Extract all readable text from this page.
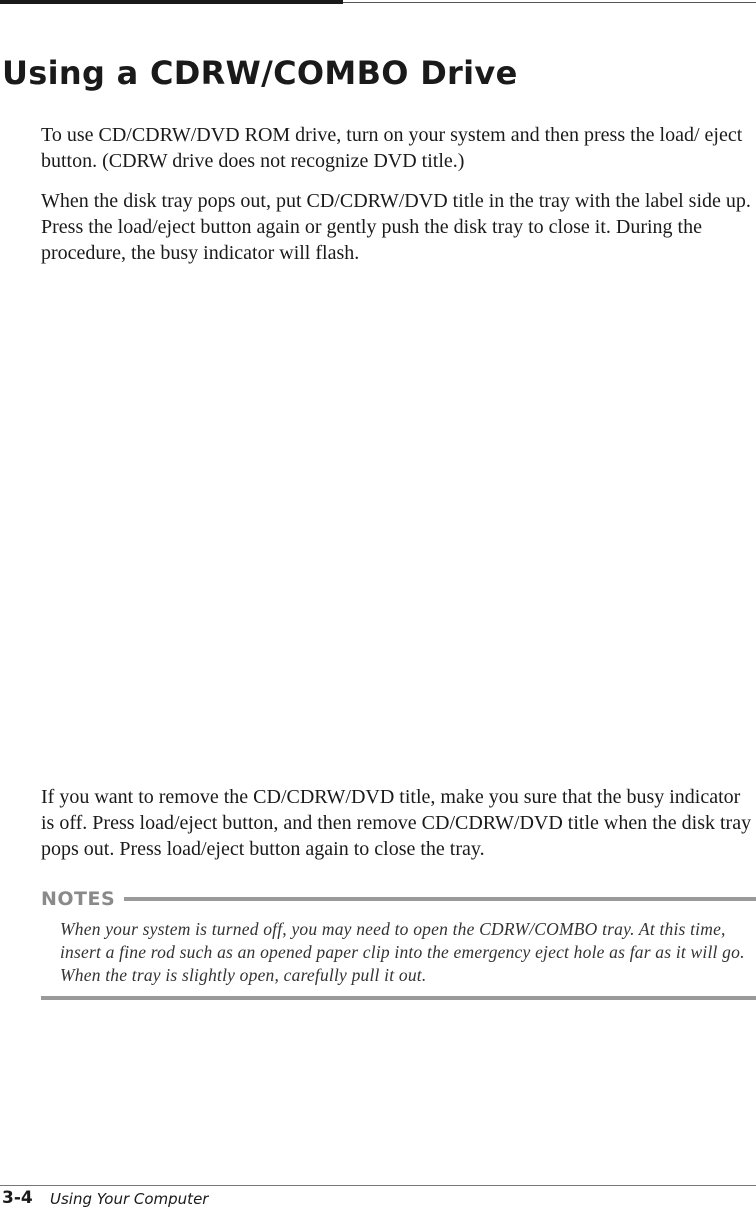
Using a CDRW/COMBO Drive

To use CD/CDRW/DVD ROM drive, turn on your system and then press the load/ eject button. (CDRW drive does not recognize DVD title.)

When the disk tray pops out, put CD/CDRW/DVD title in the tray with the label side up. Press the load/eject button again or gently push the disk tray to close it. During the procedure, the busy indicator will flash.

If you want to remove the CD/CDRW/DVD title, make you sure that the busy indicator is off. Press load/eject button, and then remove CD/CDRW/DVD title when the disk tray pops out. Press load/eject button again to close the tray.

NOTES

When your system is turned off, you may need to open the CDRW/COMBO tray. At this time, insert a fine rod such as an opened paper clip into the emergency eject hole as far as it will go. When the tray is slightly open, carefully pull it out.

3-4 Using Your Computer
